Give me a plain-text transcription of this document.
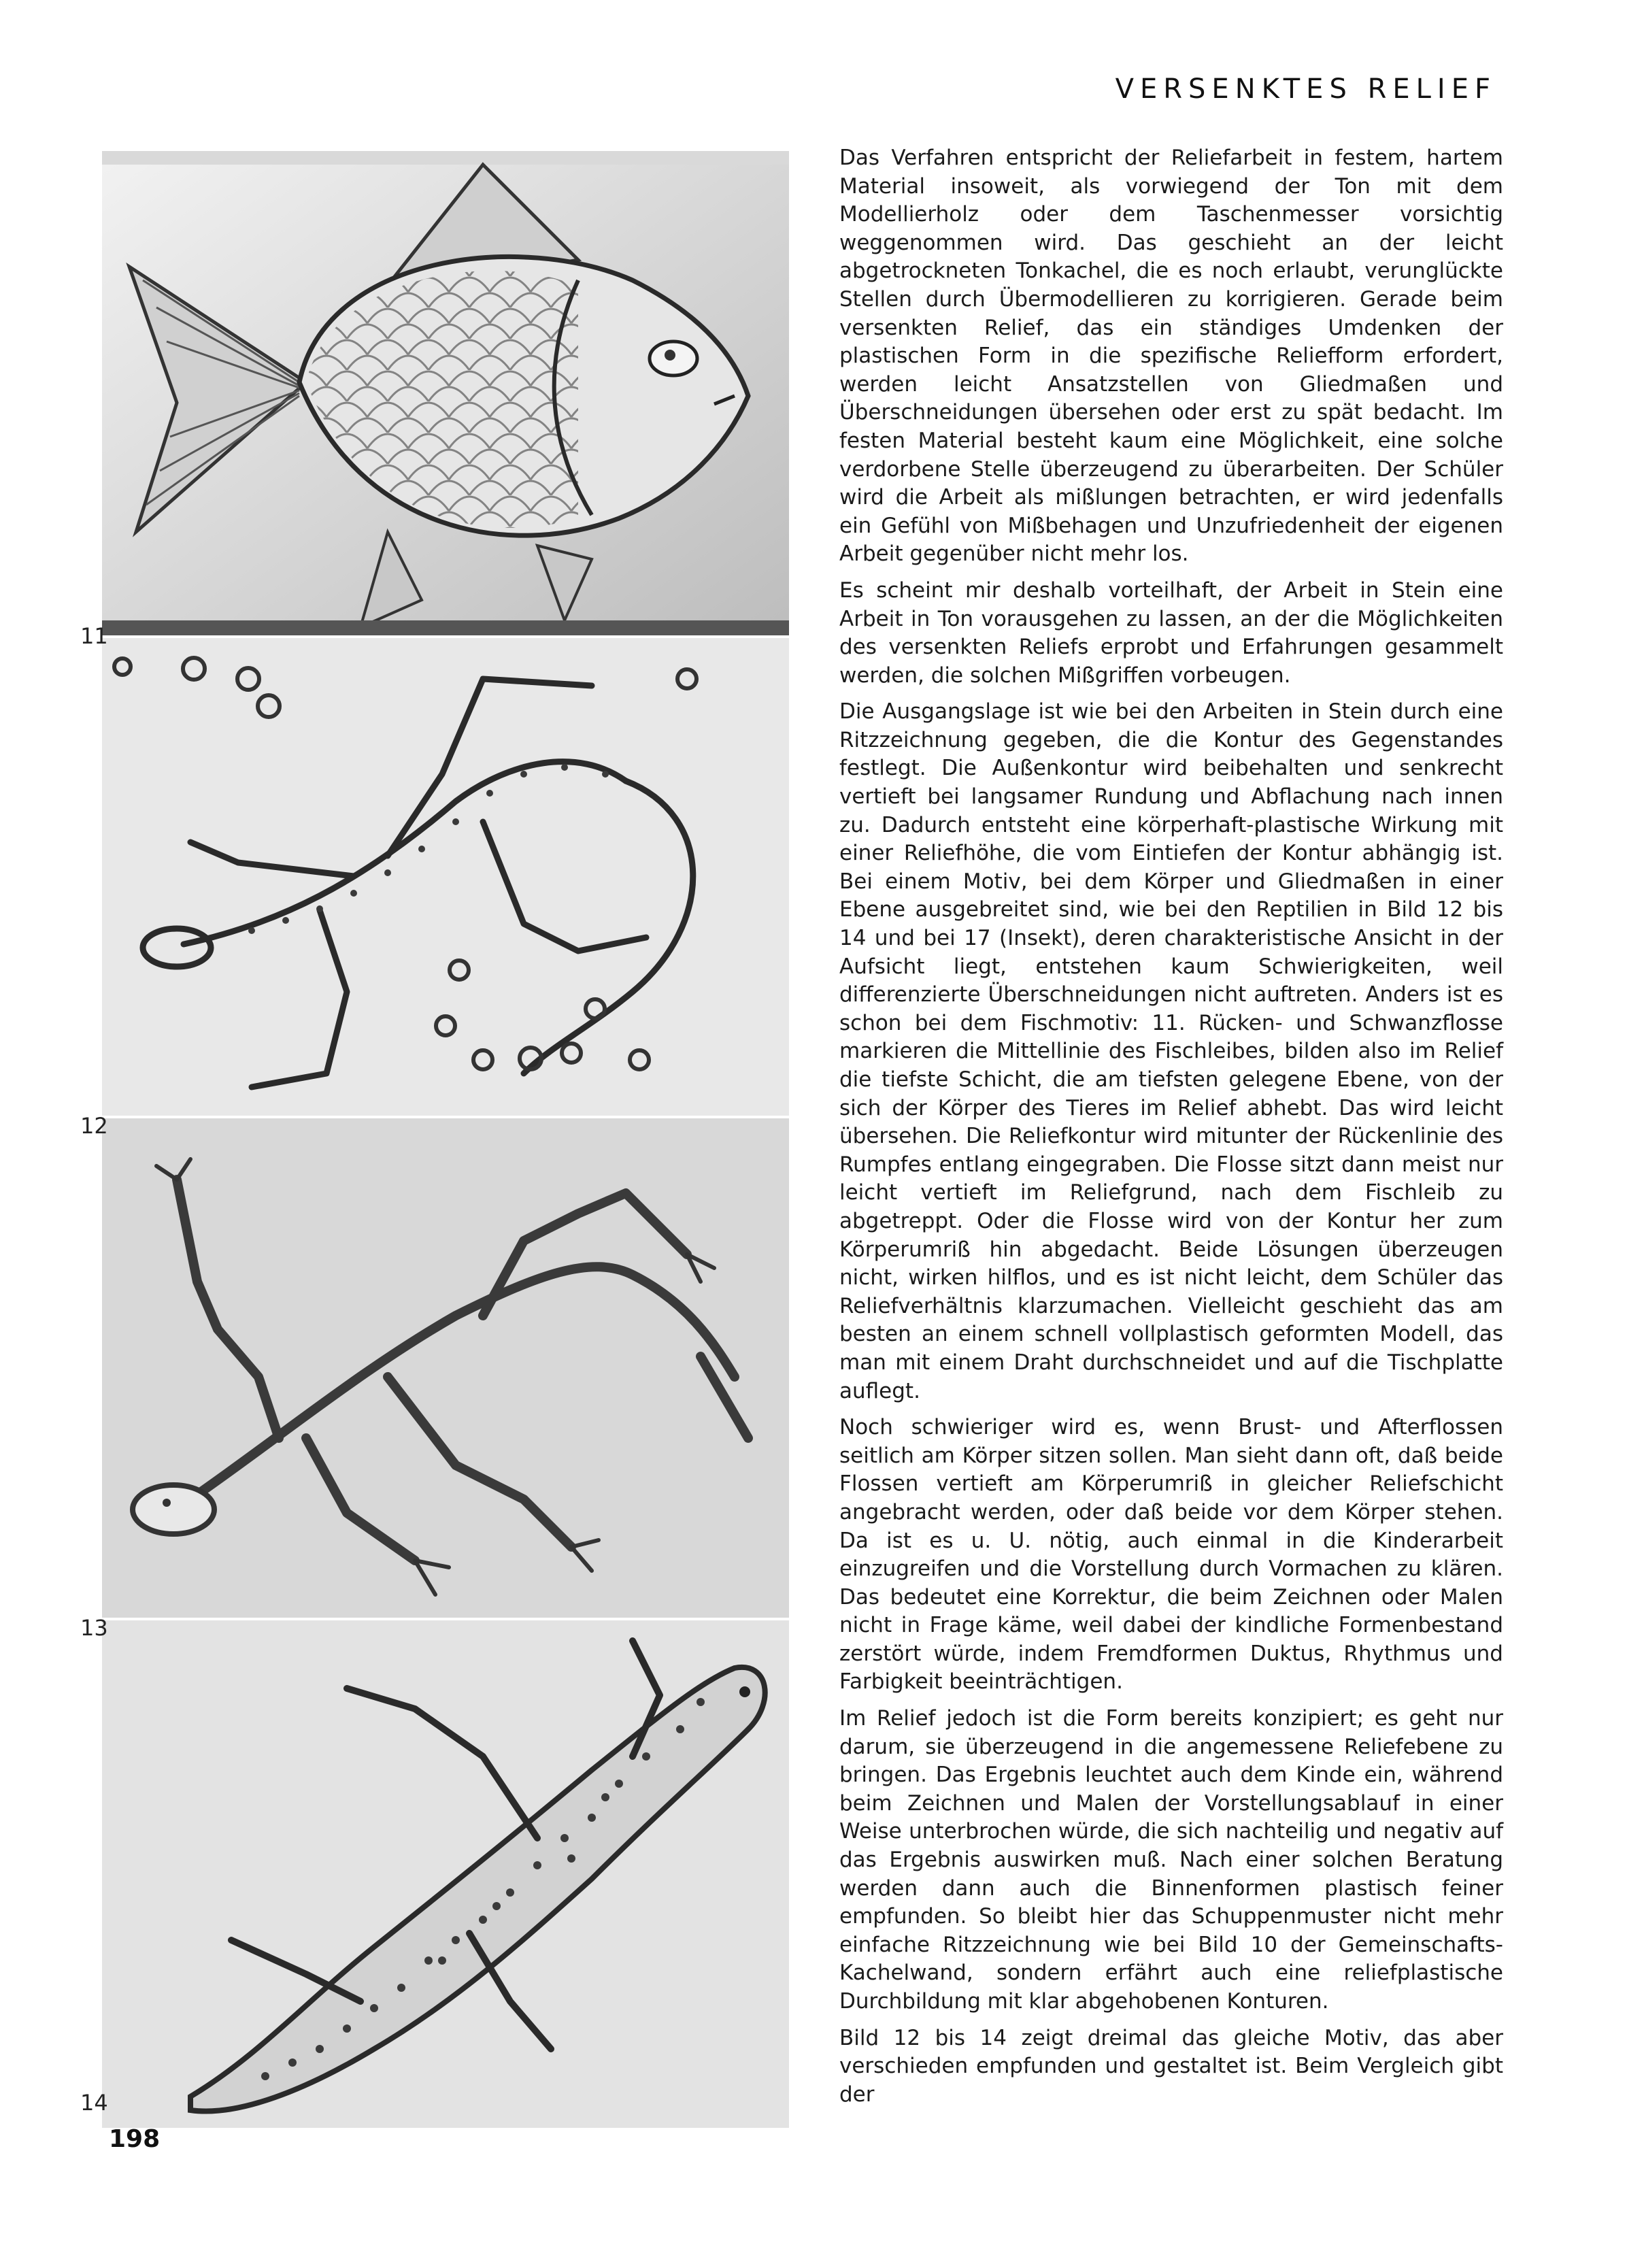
VERSENKTES RELIEF
11
12
13
14

Das Verfahren entspricht der Reliefarbeit in festem, hartem Material insoweit, als vorwiegend der Ton mit dem Modellierholz oder dem Taschenmesser vorsichtig weggenommen wird. Das geschieht an der leicht abgetrockneten Tonkachel, die es noch erlaubt, verunglückte Stellen durch Übermodellieren zu korrigieren. Gerade beim versenkten Relief, das ein ständiges Umdenken der plastischen Form in die spezifische Reliefform erfordert, werden leicht Ansatzstellen von Gliedmaßen und Überschneidungen übersehen oder erst zu spät bedacht. Im festen Material besteht kaum eine Möglichkeit, eine solche verdorbene Stelle überzeugend zu überarbeiten. Der Schüler wird die Arbeit als mißlungen betrachten, er wird jedenfalls ein Gefühl von Mißbehagen und Unzufriedenheit der eigenen Arbeit gegenüber nicht mehr los.

Es scheint mir deshalb vorteilhaft, der Arbeit in Stein eine Arbeit in Ton vorausgehen zu lassen, an der die Möglichkeiten des versenkten Reliefs erprobt und Erfahrungen gesammelt werden, die solchen Mißgriffen vorbeugen.

Die Ausgangslage ist wie bei den Arbeiten in Stein durch eine Ritzzeichnung gegeben, die die Kontur des Gegenstandes festlegt. Die Außenkontur wird beibehalten und senkrecht vertieft bei langsamer Rundung und Abflachung nach innen zu. Dadurch entsteht eine körperhaft-plastische Wirkung mit einer Reliefhöhe, die vom Eintiefen der Kontur abhängig ist. Bei einem Motiv, bei dem Körper und Gliedmaßen in einer Ebene ausgebreitet sind, wie bei den Reptilien in Bild 12 bis 14 und bei 17 (Insekt), deren charakteristische Ansicht in der Aufsicht liegt, entstehen kaum Schwierigkeiten, weil differenzierte Überschneidungen nicht auftreten. Anders ist es schon bei dem Fischmotiv: 11. Rücken- und Schwanzflosse markieren die Mittellinie des Fischleibes, bilden also im Relief die tiefste Schicht, die am tiefsten gelegene Ebene, von der sich der Körper des Tieres im Relief abhebt. Das wird leicht übersehen. Die Reliefkontur wird mitunter der Rückenlinie des Rumpfes entlang eingegraben. Die Flosse sitzt dann meist nur leicht vertieft im Reliefgrund, nach dem Fischleib zu abgetreppt. Oder die Flosse wird von der Kontur her zum Körperumriß hin abgedacht. Beide Lösungen überzeugen nicht, wirken hilflos, und es ist nicht leicht, dem Schüler das Reliefverhältnis klarzumachen. Vielleicht geschieht das am besten an einem schnell vollplastisch geformten Modell, das man mit einem Draht durchschneidet und auf die Tischplatte auflegt.

Noch schwieriger wird es, wenn Brust- und Afterflossen seitlich am Körper sitzen sollen. Man sieht dann oft, daß beide Flossen vertieft am Körperumriß in gleicher Reliefschicht angebracht werden, oder daß beide vor dem Körper stehen. Da ist es u. U. nötig, auch einmal in die Kinderarbeit einzugreifen und die Vorstellung durch Vormachen zu klären. Das bedeutet eine Korrektur, die beim Zeichnen oder Malen nicht in Frage käme, weil dabei der kindliche Formenbestand zerstört würde, indem Fremdformen Duktus, Rhythmus und Farbigkeit beeinträchtigen.

Im Relief jedoch ist die Form bereits konzipiert; es geht nur darum, sie überzeugend in die angemessene Reliefebene zu bringen. Das Ergebnis leuchtet auch dem Kinde ein, während beim Zeichnen und Malen der Vorstellungsablauf in einer Weise unterbrochen würde, die sich nachteilig und negativ auf das Ergebnis auswirken muß. Nach einer solchen Beratung werden dann auch die Binnenformen plastisch feiner empfunden. So bleibt hier das Schuppenmuster nicht mehr einfache Ritzzeichnung wie bei Bild 10 der Gemeinschafts-Kachelwand, sondern erfährt auch eine reliefplastische Durchbildung mit klar abgehobenen Konturen.

Bild 12 bis 14 zeigt dreimal das gleiche Motiv, das aber verschieden empfunden und gestaltet ist. Beim Vergleich gibt der

198
